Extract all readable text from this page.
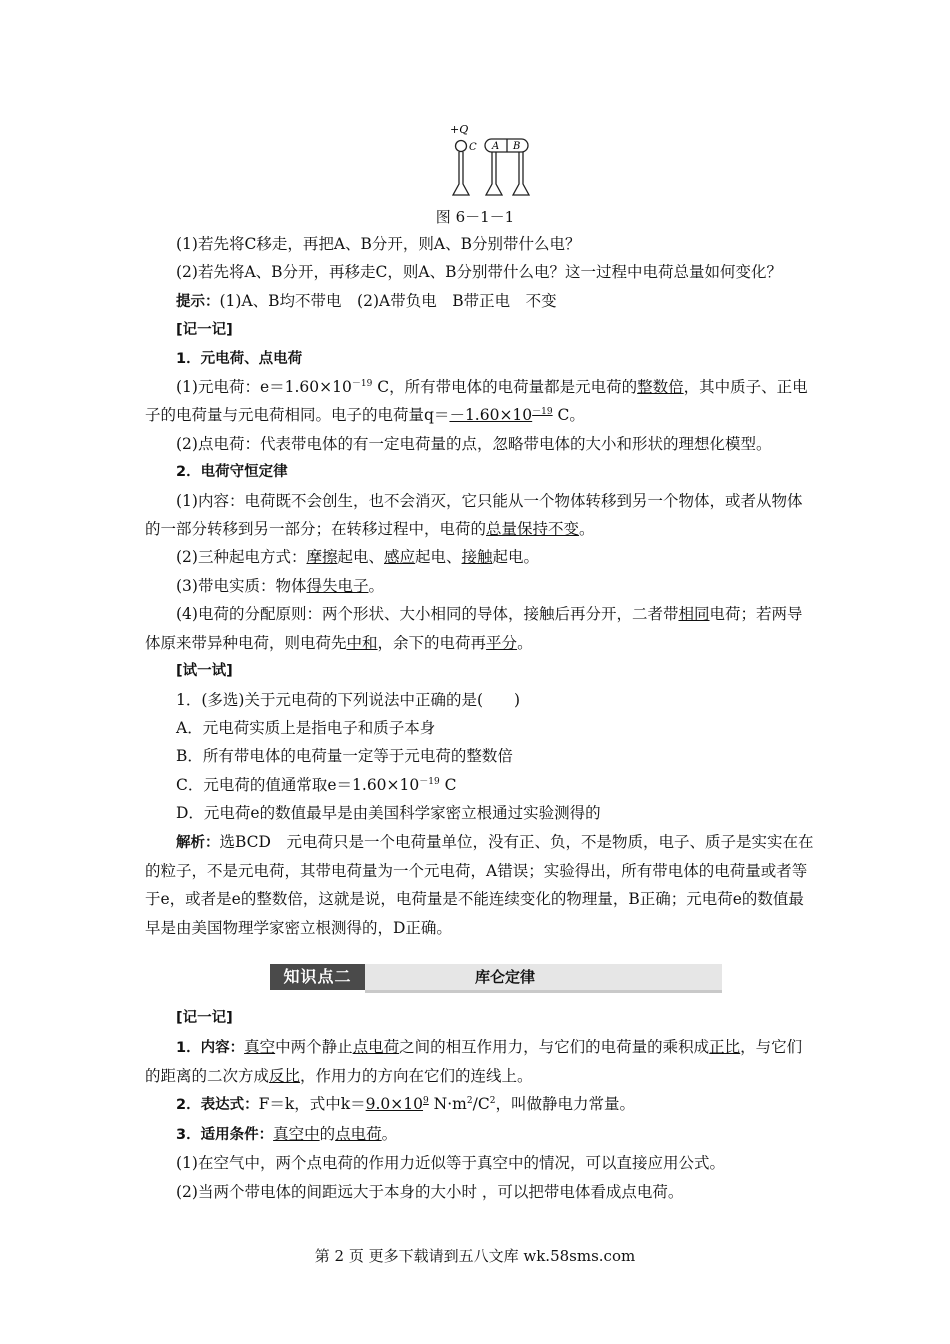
+Q
C A B
图 6－1－1

(1)若先将C移走，再把A、B分开，则A、B分别带什么电？

(2)若先将A、B分开，再移走C，则A、B分别带什么电？这一过程中电荷总量如何变化？

提示：(1)A、B均不带电　(2)A带负电　B带正电　不变

[记一记]

1．元电荷、点电荷

(1)元电荷：$e=1.60\times 10^{-19}$ C，所有带电体的电荷量都是元电荷的整数倍，其中质子、正电子的电荷量与元电荷相同。电子的电荷量$q=-1.60\times 10^{-19}$ C。

(2)点电荷：代表带电体的有一定电荷量的点，忽略带电体的大小和形状的理想化模型。

2．电荷守恒定律

(1)内容：电荷既不会创生，也不会消灭，它只能从一个物体转移到另一个物体，或者从物体的一部分转移到另一部分；在转移过程中，电荷的总量保持不变。

(2)三种起电方式：摩擦起电、感应起电、接触起电。

(3)带电实质：物体得失电子。

(4)电荷的分配原则：两个形状、大小相同的导体，接触后再分开，二者带相同电荷；若两导体原来带异种电荷，则电荷先中和，余下的电荷再平分。

[试一试]

1．(多选)关于元电荷的下列说法中正确的是(　　)

A．元电荷实质上是指电子和质子本身

B．所有带电体的电荷量一定等于元电荷的整数倍

C．元电荷的值通常取$e=1.60\times 10^{-19}$ C

D．元电荷e的数值最早是由美国科学家密立根通过实验测得的

解析：选BCD　元电荷只是一个电荷量单位，没有正、负，不是物质，电子、质子是实实在在的粒子，不是元电荷，其带电荷量为一个元电荷，A错误；实验得出，所有带电体的电荷量或者等于e，或者是e的整数倍，这就是说，电荷量是不能连续变化的物理量，B正确；元电荷e的数值最早是由美国物理学家密立根测得的，D正确。

知识点二	库仑定律

[记一记]

1．内容：真空中两个静止点电荷之间的相互作用力，与它们的电荷量的乘积成正比，与它们的距离的二次方成反比，作用力的方向在它们的连线上。

2．表达式：F＝k，式中$k=9.0\times 10^9$ $N\cdot m^2/C^2$，叫做静电力常量。

3．适用条件：真空中的点电荷。

(1)在空气中，两个点电荷的作用力近似等于真空中的情况，可以直接应用公式。

(2)当两个带电体的间距远大于本身的大小时 ，可以把带电体看成点电荷。

第 2 页 更多下载请到五八文库 wk.58sms.com
